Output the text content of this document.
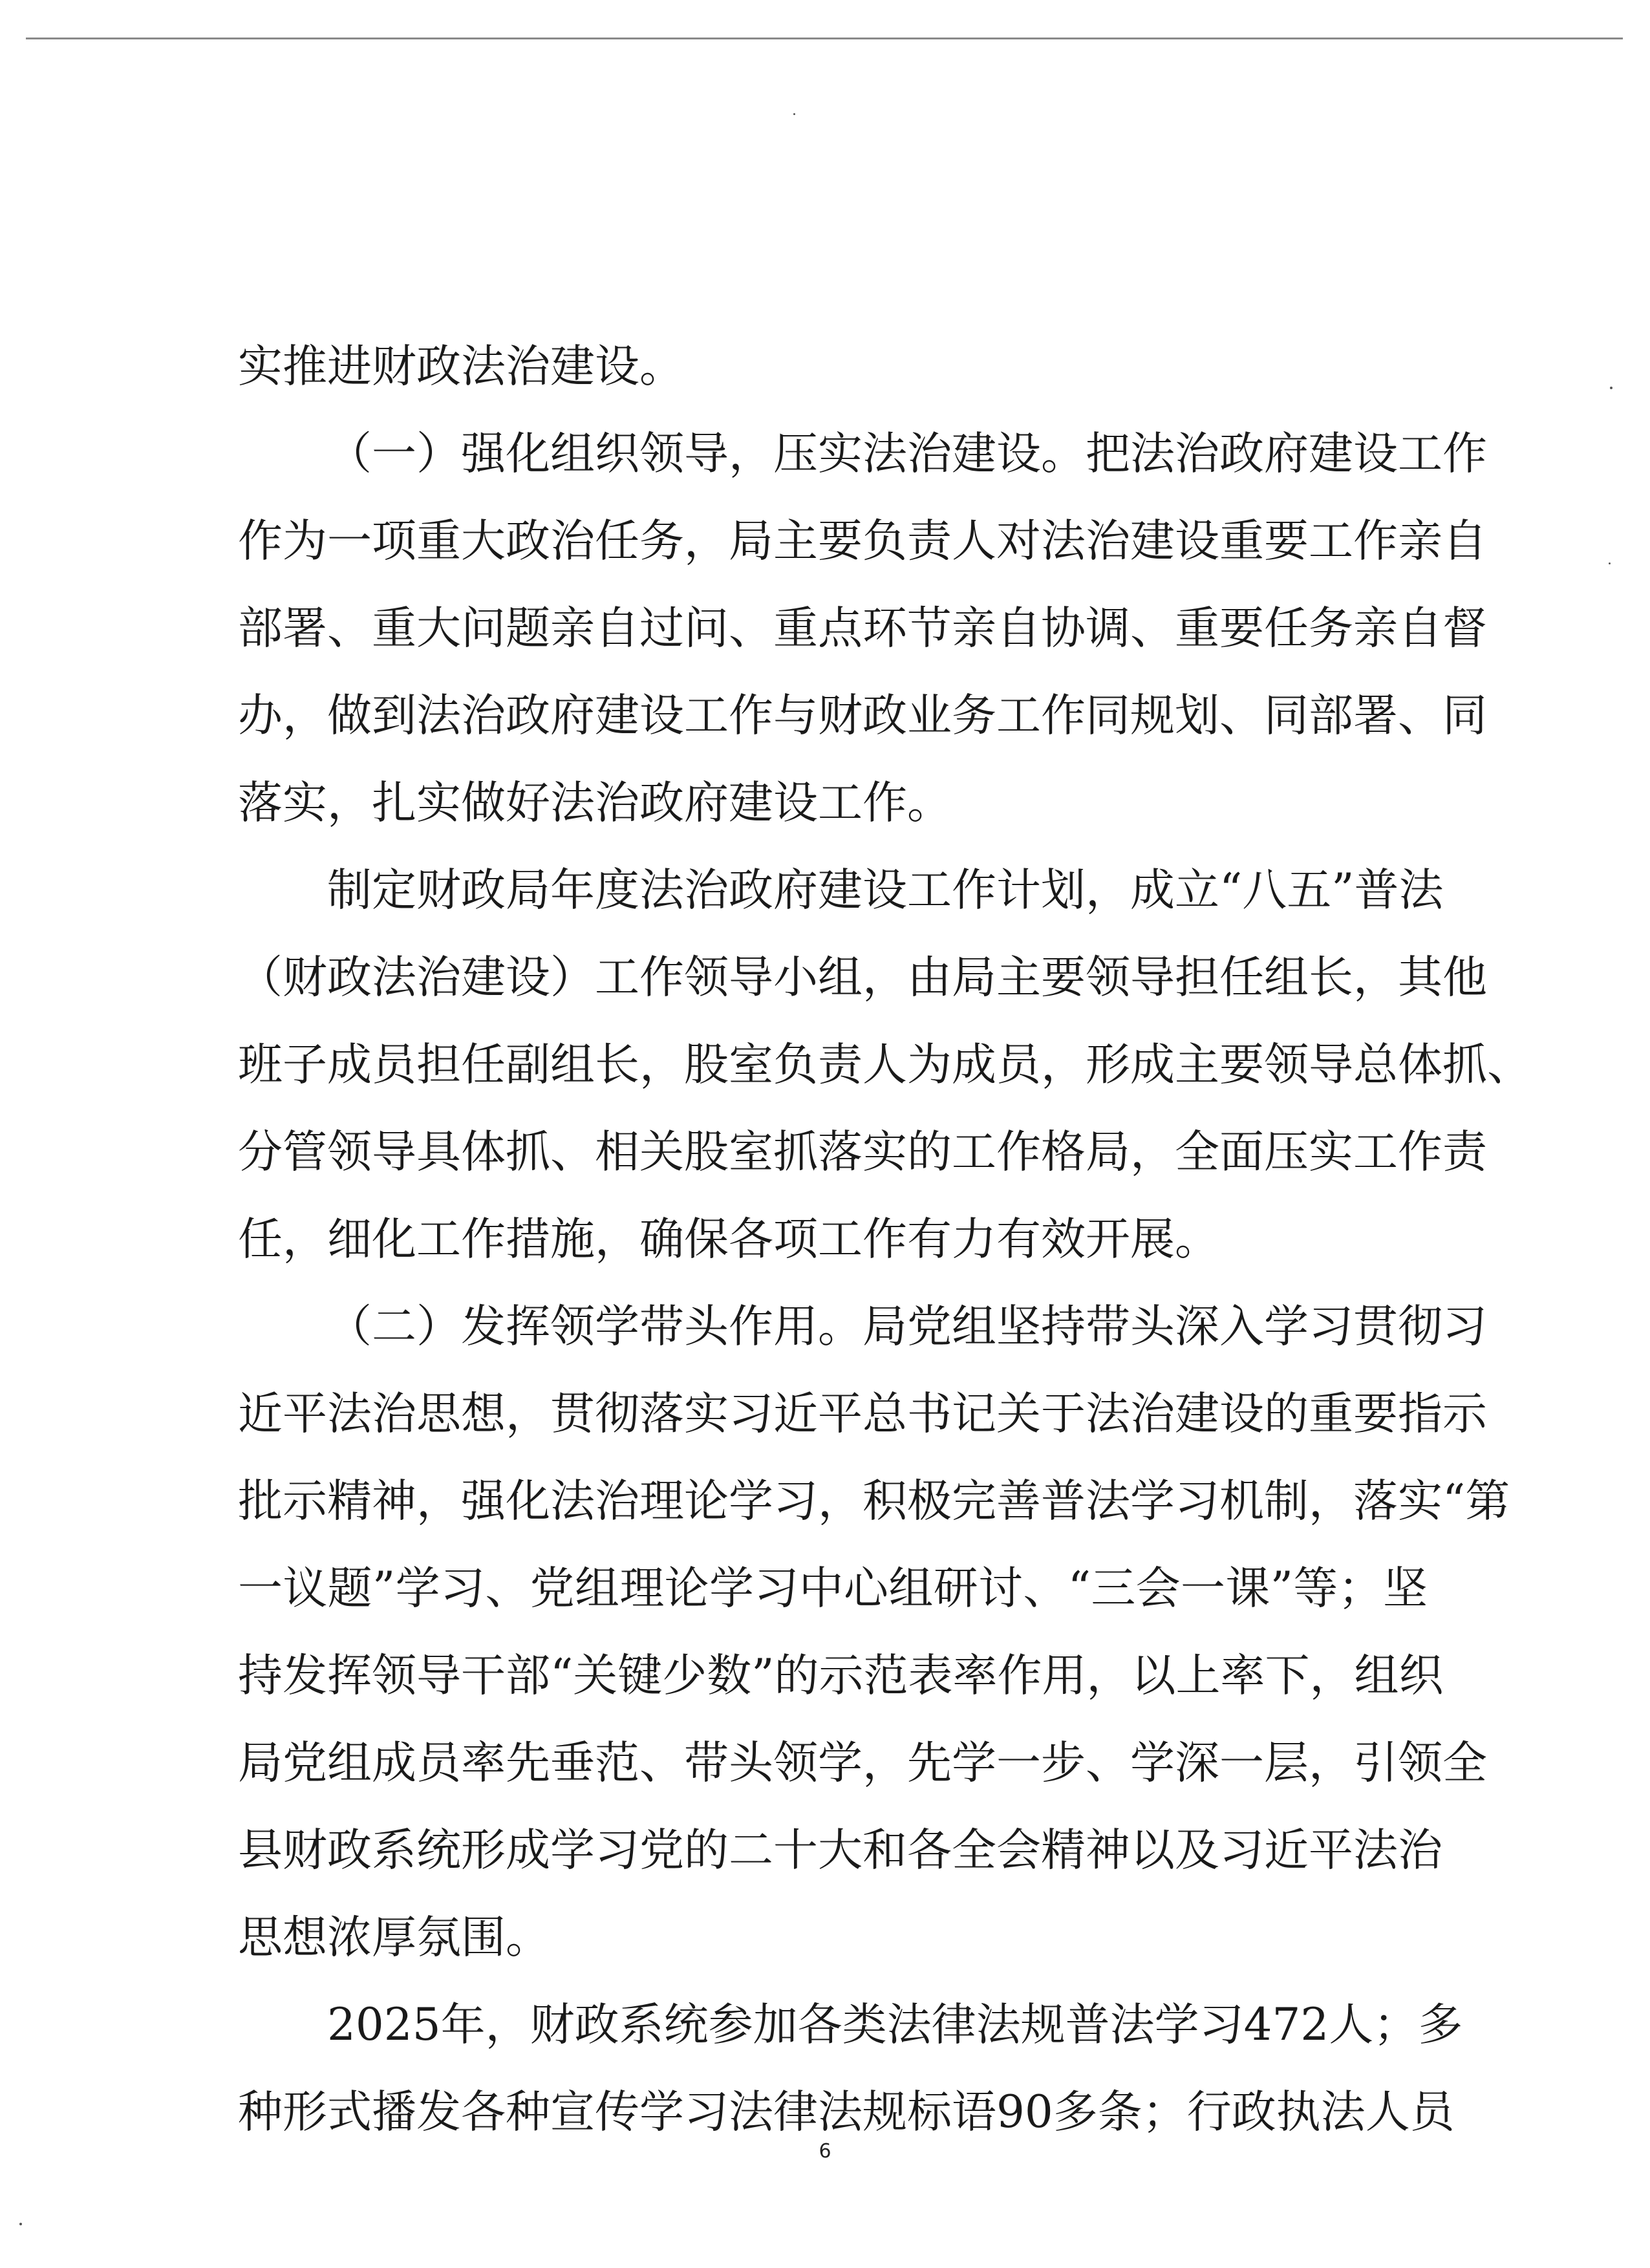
实推进财政法治建设。
（一）强化组织领导，压实法治建设。把法治政府建设工作
作为一项重大政治任务，局主要负责人对法治建设重要工作亲自
部署、重大问题亲自过问、重点环节亲自协调、重要任务亲自督
办，做到法治政府建设工作与财政业务工作同规划、同部署、同
落实，扎实做好法治政府建设工作。
制定财政局年度法治政府建设工作计划，成立“八五”普法
（财政法治建设）工作领导小组，由局主要领导担任组长，其他
班子成员担任副组长，股室负责人为成员，形成主要领导总体抓、
分管领导具体抓、相关股室抓落实的工作格局，全面压实工作责
任，细化工作措施，确保各项工作有力有效开展。
（二）发挥领学带头作用。局党组坚持带头深入学习贯彻习
近平法治思想，贯彻落实习近平总书记关于法治建设的重要指示
批示精神，强化法治理论学习，积极完善普法学习机制，落实“第
一议题”学习、党组理论学习中心组研讨、“三会一课”等；坚
持发挥领导干部“关键少数”的示范表率作用，以上率下，组织
局党组成员率先垂范、带头领学，先学一步、学深一层，引领全
县财政系统形成学习党的二十大和各全会精神以及习近平法治
思想浓厚氛围。
2025年，财政系统参加各类法律法规普法学习472人；多
种形式播发各种宣传学习法律法规标语90多条；行政执法人员
6
